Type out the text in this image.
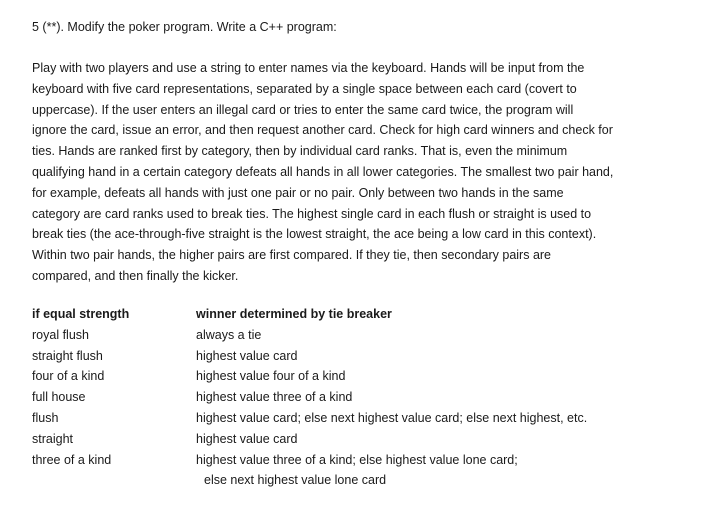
5 (**). Modify the poker program. Write a C++ program:
Play with two players and use a string to enter names via the keyboard. Hands will be input from the
keyboard with five card representations, separated by a single space between each card (covert to
uppercase). If the user enters an illegal card or tries to enter the same card twice, the program will
ignore the card, issue an error, and then request another card. Check for high card winners and check for
ties. Hands are ranked first by category, then by individual card ranks. That is, even the minimum
qualifying hand in a certain category defeats all hands in all lower categories. The smallest two pair hand,
for example, defeats all hands with just one pair or no pair. Only between two hands in the same
category are card ranks used to break ties. The highest single card in each flush or straight is used to
break ties (the ace-through-five straight is the lowest straight, the ace being a low card in this context).
Within two pair hands, the higher pairs are first compared. If they tie, then secondary pairs are
compared, and then finally the kicker.
if equal strength	winner determined by tie breaker
royal flush	always a tie
straight flush	highest value card
four of a kind	highest value four of a kind
full house	highest value three of a kind
flush	highest value card; else next highest value card; else next highest, etc.
straight	highest value card
three of a kind	highest value three of a kind; else highest value lone card;
else next highest value lone card
